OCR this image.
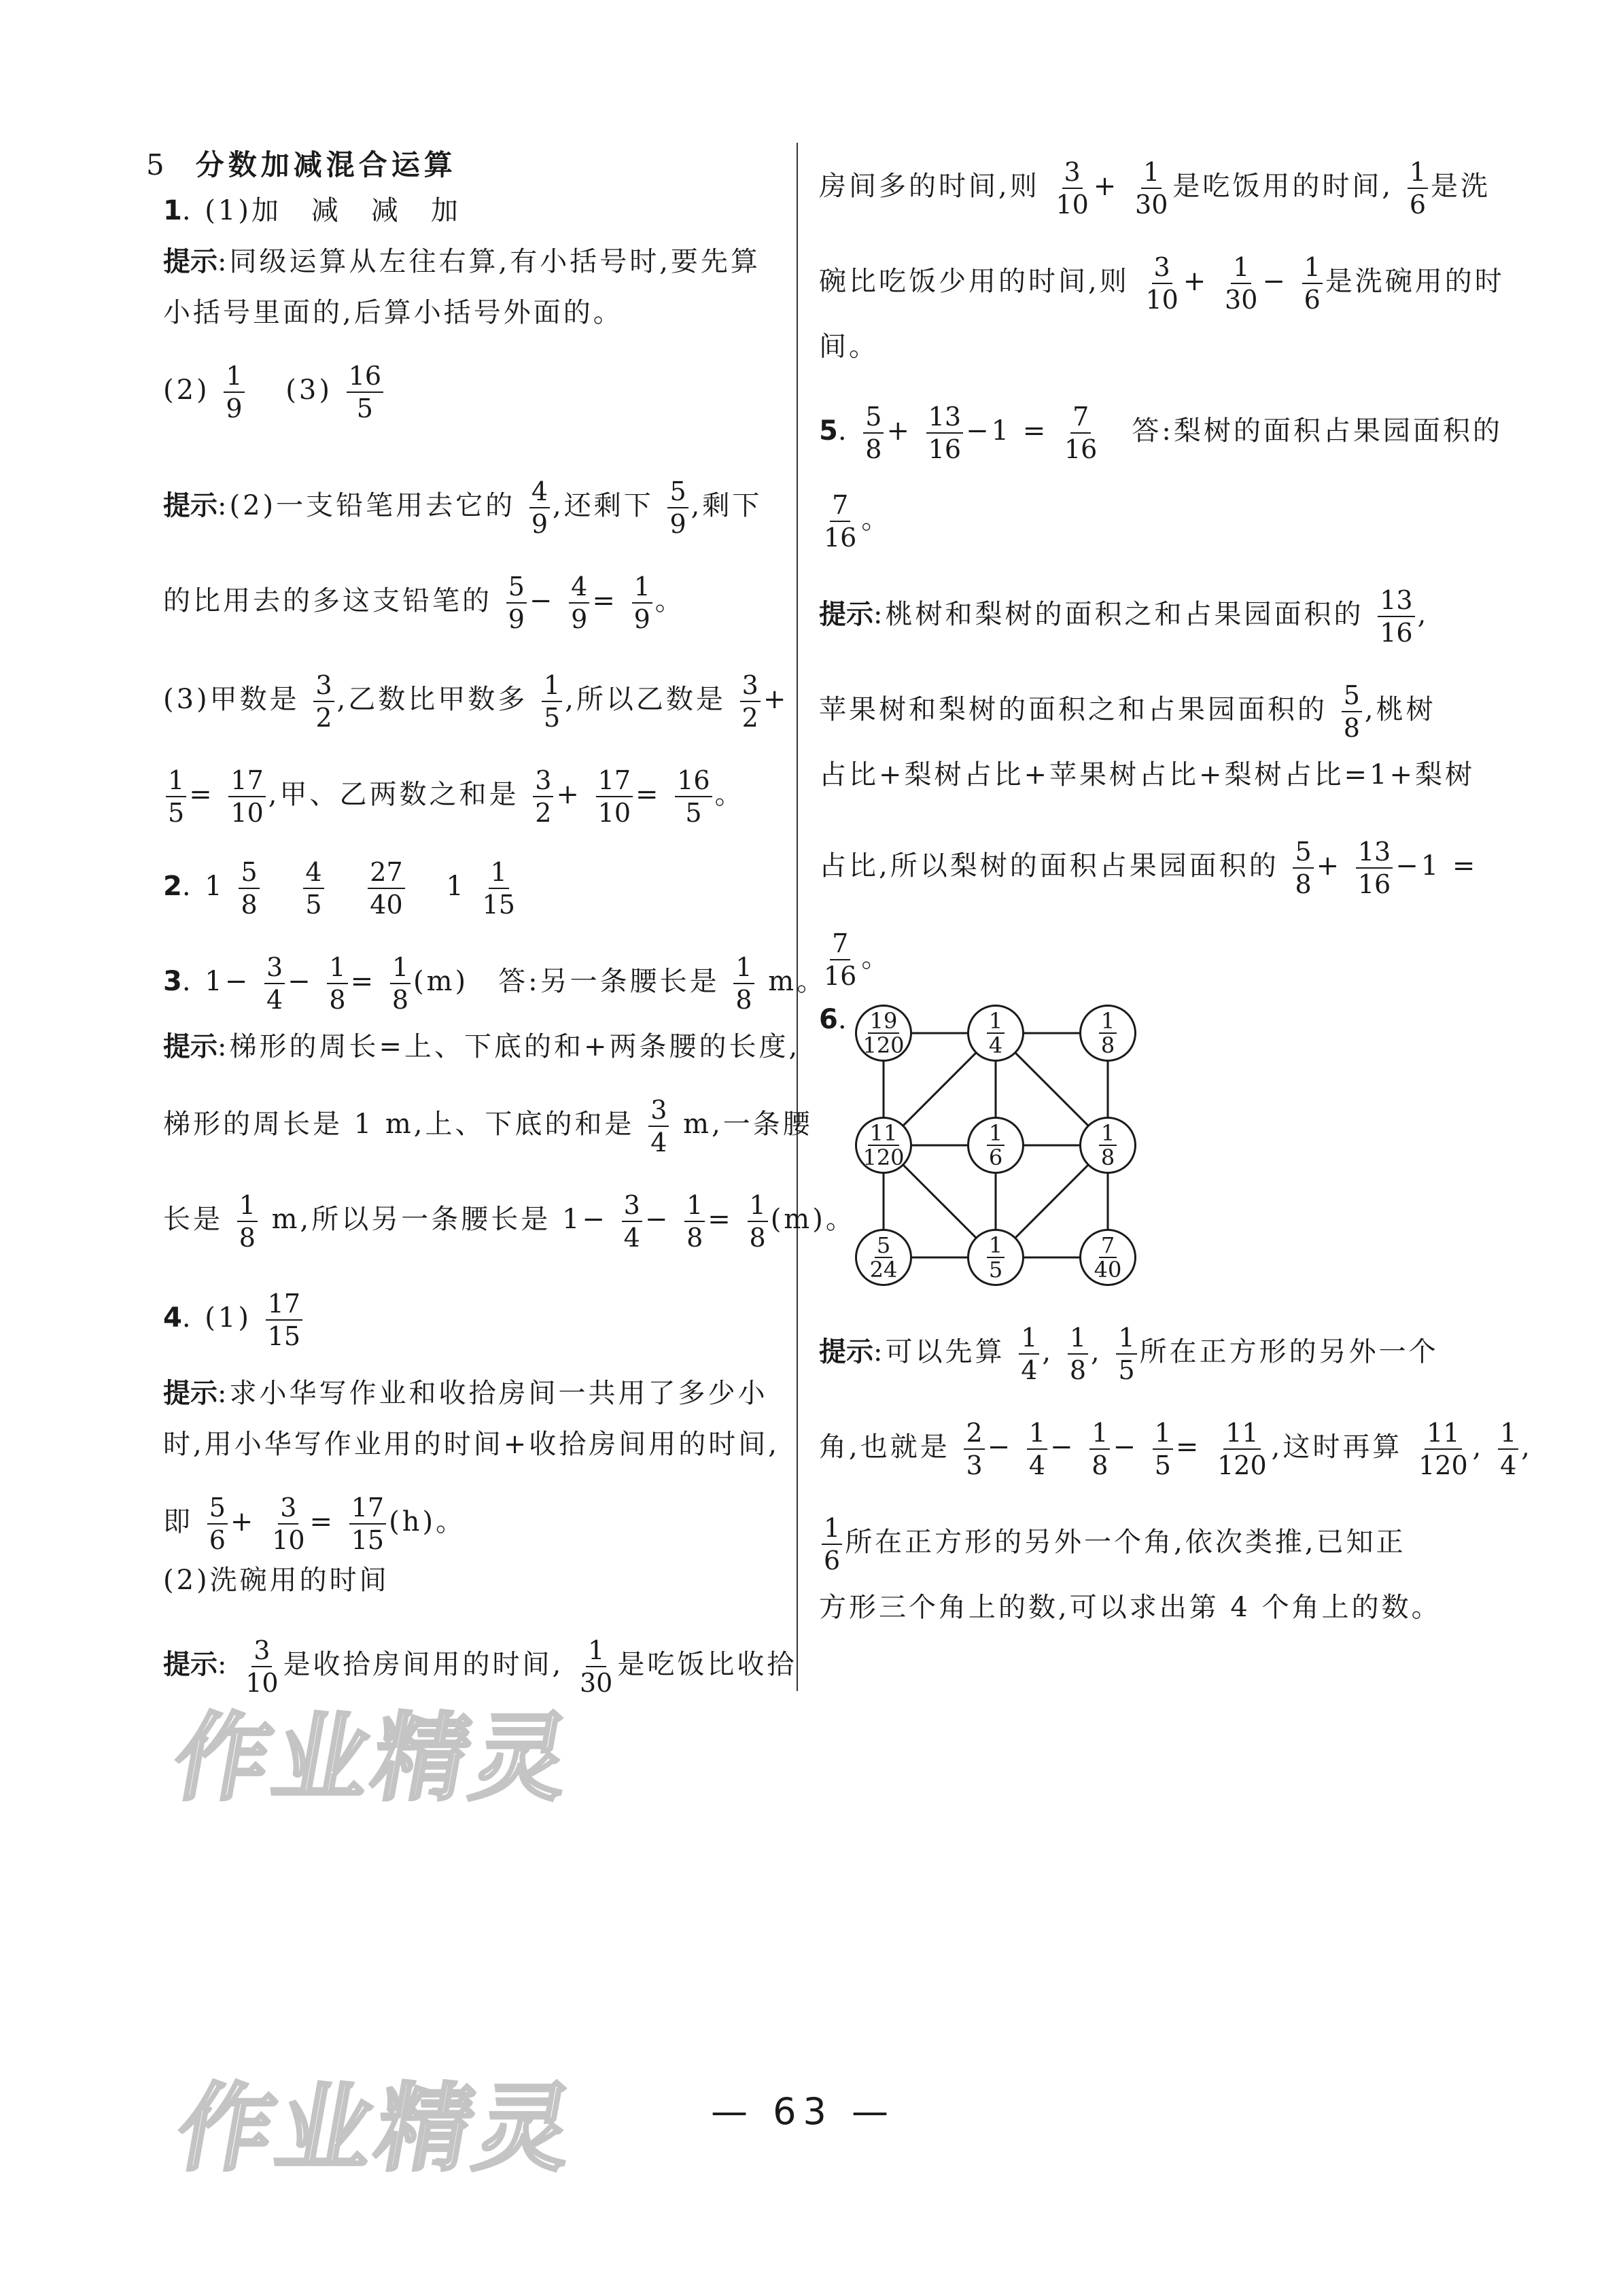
5 分数加减混合运算
1. (1)加　减　减　加
提示:同级运算从左往右算,有小括号时,要先算
小括号里面的,后算小括号外面的。
$(2) \frac{1}{9} (3) \frac{16}{5}$
提示:(2)一支铅笔用去它的 $\frac{4}{9}$ ,还剩下 $\frac{5}{9}$ ,剩下
的比用去的多这支铅笔的 $\frac{5}{9} - \frac{4}{9} = \frac{1}{9}$ 。
(3)甲数是 $\frac{3}{2}$ ,乙数比甲数多 $\frac{1}{5}$ ,所以乙数是 $\frac{3}{2}$ +
$\frac{1}{5} = \frac{17}{10}$ ,甲、乙两数之和是 $\frac{3}{2} + \frac{17}{10} = \frac{16}{5}$ 。
2. $1 \frac{5}{8}$
$\frac{4}{5}$
$\frac{27}{40} 1 \frac{1}{15}$
3. $1- \frac{3}{4} - \frac{1}{8} = \frac{1}{8} (m)$　答:另一条腰长是 $\frac{1}{8}$ m。
提示:梯形的周长=上、下底的和+两条腰的长度,
梯形的周长是 1 m,上、下底的和是 $\frac{3}{4} m$,一条腰
长是 $\frac{1}{8} m$,所以另一条腰长是 $1- \frac{3}{4} - \frac{1}{8} = \frac{1}{8} (m)$。
4. $(1) \frac{17}{15}$
提示:求小华写作业和收拾房间一共用了多少小
时,用小华写作业用的时间+收拾房间用的时间,
即 $\frac{5}{6} + \frac{3}{10} = \frac{17}{15} (h)$。
(2)洗碗用的时间
提示: $\frac{3}{10}$ 是收拾房间用的时间, $\frac{1}{30}$ 是吃饭比收拾
房间多的时间,则 $\frac{3}{10} + \frac{1}{30}$ 是吃饭用的时间, $\frac{1}{6}$ 是洗
碗比吃饭少用的时间,则 $\frac{3}{10} + \frac{1}{30} - \frac{1}{6}$ 是洗碗用的时
间。
5. $\frac{5}{8} + \frac{13}{16} -1 = \frac{7}{16}$ 　答:梨树的面积占果园面积的
$\frac{7}{16}$ 。
提示:桃树和梨树的面积之和占果园面积的 $\frac{13}{16}$ ,
苹果树和梨树的面积之和占果园面积的 $\frac{5}{8}$ ,桃树
占比+梨树占比+苹果树占比+梨树占比=1+梨树
占比,所以梨树的面积占果园面积的 $\frac{5}{8} + \frac{13}{16} -1$ =
$\frac{7}{16}$ 。
6. $\frac{19}{120}$	$\frac{1}{4}$	$\frac{1}{8}$
$\frac{11}{120}$	$\frac{1}{6}$	$\frac{1}{8}$
$\frac{5}{24}$	$\frac{1}{5}$	$\frac{7}{40}$
提示:可以先算 $\frac{1}{4}$ , $\frac{1}{8}$ , $\frac{1}{5}$ 所在正方形的另外一个
角,也就是 $\frac{2}{3} - \frac{1}{4} - \frac{1}{8} - \frac{1}{5} = \frac{11}{120}$ ,这时再算 $\frac{11}{120}$ , $\frac{1}{4}$ ,
$\frac{1}{6}$ 所在正方形的另外一个角,依次类推,已知正
方形三个角上的数,可以求出第 4 个角上的数。
作业精灵
作业精灵	— 63 —
